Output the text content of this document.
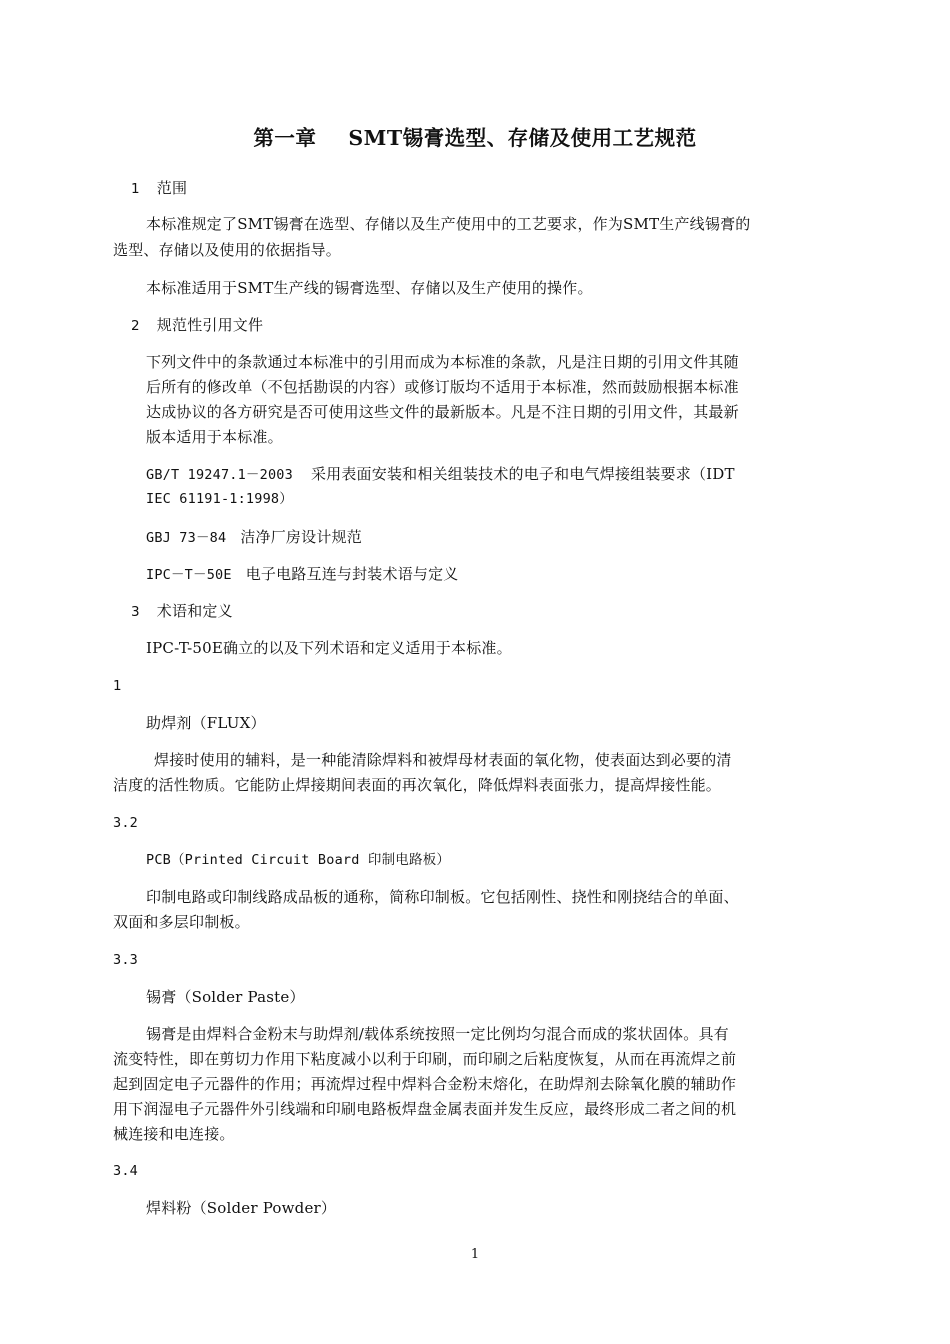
第一章 SMT锡膏选型、存储及使用工艺规范
1 范围
本标准规定了SMT锡膏在选型、存储以及生产使用中的工艺要求，作为SMT生产线锡膏的
选型、存储以及使用的依据指导。
本标准适用于SMT生产线的锡膏选型、存储以及生产使用的操作。
2 规范性引用文件
下列文件中的条款通过本标准中的引用而成为本标准的条款，凡是注日期的引用文件其随
后所有的修改单（不包括勘误的内容）或修订版均不适用于本标准，然而鼓励根据本标准
达成协议的各方研究是否可使用这些文件的最新版本。凡是不注日期的引用文件，其最新
版本适用于本标准。
GB/T 19247.1－2003 采用表面安装和相关组装技术的电子和电气焊接组装要求（IDT
IEC 61191-1:1998）
GBJ 73－84 洁净厂房设计规范
IPC－T－50E 电子电路互连与封装术语与定义
3 术语和定义
IPC-T-50E确立的以及下列术语和定义适用于本标准。
1
助焊剂（FLUX）
焊接时使用的辅料，是一种能清除焊料和被焊母材表面的氧化物，使表面达到必要的清
洁度的活性物质。它能防止焊接期间表面的再次氧化，降低焊料表面张力，提高焊接性能。
3.2
PCB（Printed Circuit Board 印制电路板）
印制电路或印制线路成品板的通称，简称印制板。它包括刚性、挠性和刚挠结合的单面、
双面和多层印制板。
3.3
锡膏（Solder Paste）
锡膏是由焊料合金粉末与助焊剂/载体系统按照一定比例均匀混合而成的浆状固体。具有
流变特性，即在剪切力作用下粘度减小以利于印刷，而印刷之后粘度恢复，从而在再流焊之前
起到固定电子元器件的作用；再流焊过程中焊料合金粉末熔化，在助焊剂去除氧化膜的辅助作
用下润湿电子元器件外引线端和印刷电路板焊盘金属表面并发生反应，最终形成二者之间的机
械连接和电连接。
3.4
焊料粉（Solder Powder）
1
